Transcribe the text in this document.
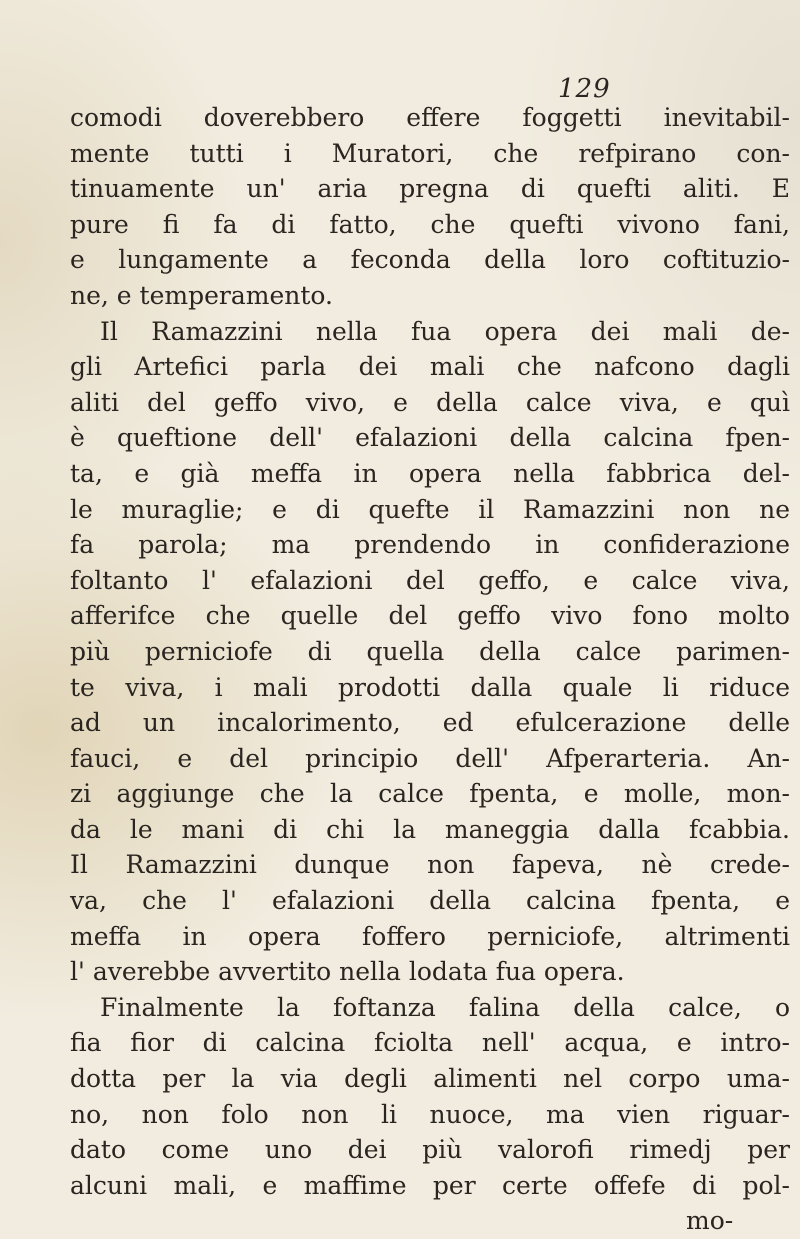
129
comodi doverebbero effere foggetti inevitabil-
mente tutti i Muratori, che refpirano con-
tinuamente un' aria pregna di quefti aliti. E
pure fi fa di fatto, che quefti vivono fani,
e lungamente a feconda della loro coftituzio-
ne, e temperamento.
Il Ramazzini nella fua opera dei mali de-
gli Artefici parla dei mali che nafcono dagli
aliti del geffo vivo, e della calce viva, e quì
è queftione dell' efalazioni della calcina fpen-
ta, e già meffa in opera nella fabbrica del-
le muraglie; e di quefte il Ramazzini non ne
fa parola; ma prendendo in confiderazione
foltanto l' efalazioni del geffo, e calce viva,
afferifce che quelle del geffo vivo fono molto
più perniciofe di quella della calce parimen-
te viva, i mali prodotti dalla quale li riduce
ad un incalorimento, ed efulcerazione delle
fauci, e del principio dell' Afperarteria. An-
zi aggiunge che la calce fpenta, e molle, mon-
da le mani di chi la maneggia dalla fcabbia.
Il Ramazzini dunque non fapeva, nè crede-
va, che l' efalazioni della calcina fpenta, e
meffa in opera foffero perniciofe, altrimenti
l' averebbe avvertito nella lodata fua opera.
Finalmente la foftanza falina della calce, o
fia fior di calcina fciolta nell' acqua, e intro-
dotta per la via degli alimenti nel corpo uma-
no, non folo non li nuoce, ma vien riguar-
dato come uno dei più valorofi rimedj per
alcuni mali, e maffime per certe offefe di pol-
mo-
